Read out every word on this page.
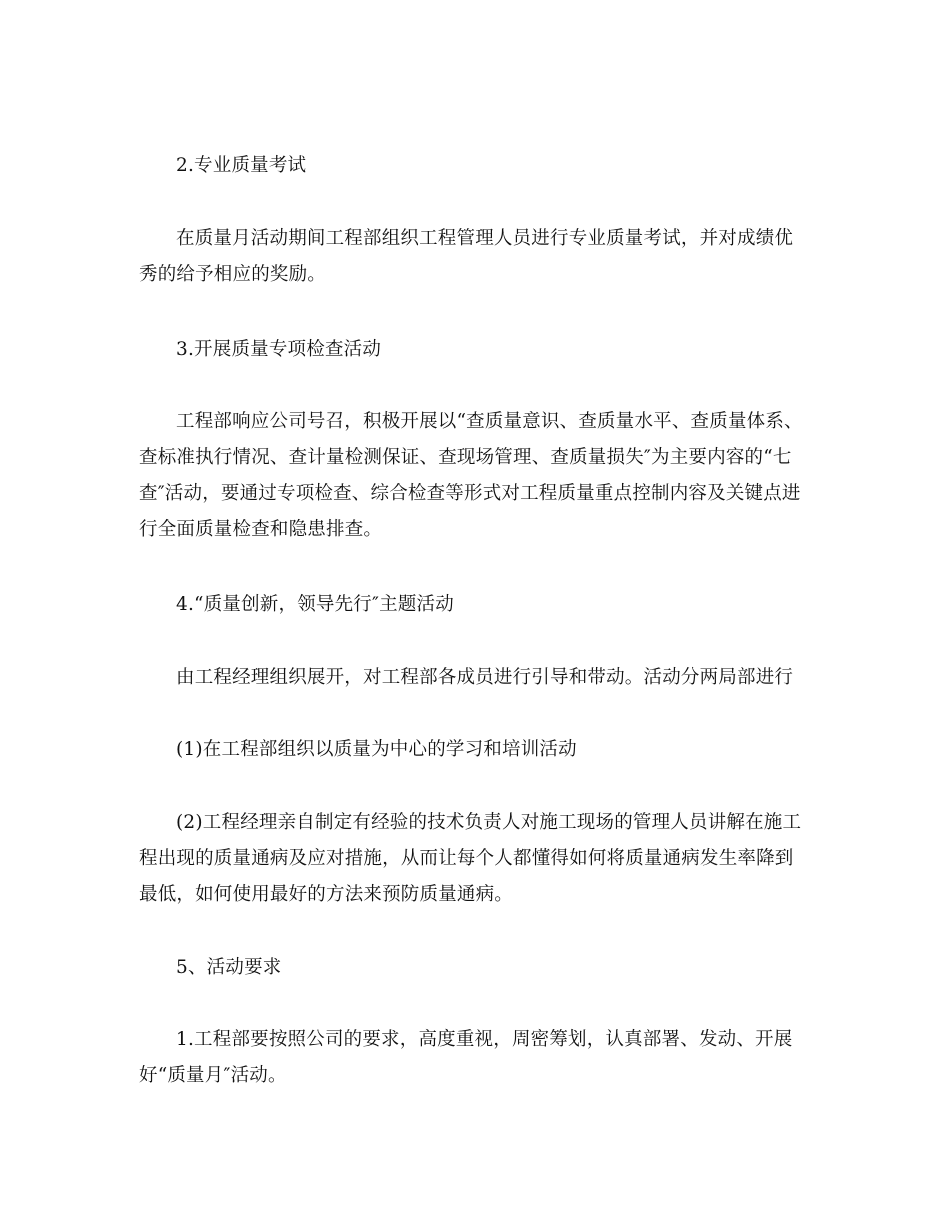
2.专业质量考试

在质量月活动期间工程部组织工程管理人员进行专业质量考试，并对成绩优秀的给予相应的奖励。

3.开展质量专项检查活动

工程部响应公司号召，积极开展以“查质量意识、查质量水平、查质量体系、查标准执行情况、查计量检测保证、查现场管理、查质量损失″为主要内容的“七查″活动，要通过专项检查、综合检查等形式对工程质量重点控制内容及关键点进行全面质量检查和隐患排查。

4.“质量创新，领导先行″主题活动

由工程经理组织展开，对工程部各成员进行引导和带动。活动分两局部进行

(1)在工程部组织以质量为中心的学习和培训活动

(2)工程经理亲自制定有经验的技术负责人对施工现场的管理人员讲解在施工程出现的质量通病及应对措施，从而让每个人都懂得如何将质量通病发生率降到最低，如何使用最好的方法来预防质量通病。

5、活动要求

1.工程部要按照公司的要求，高度重视，周密筹划，认真部署、发动、开展好“质量月″活动。
